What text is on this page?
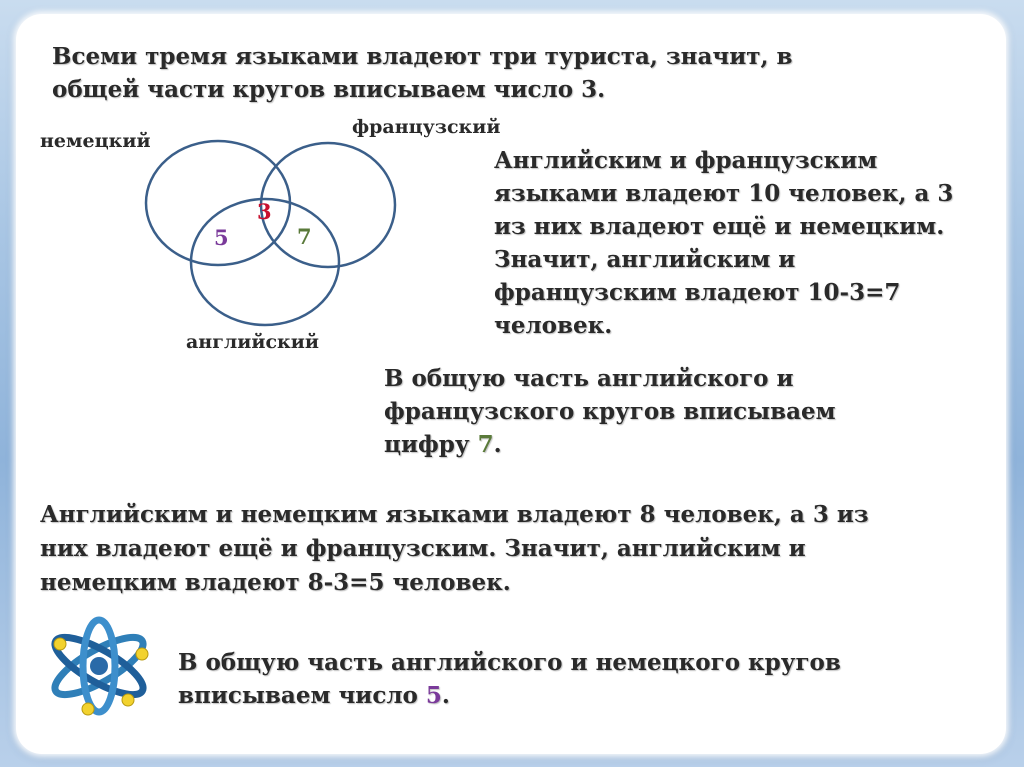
Всеми тремя языками владеют три туриста, значит, в

общей части кругов вписываем число 3.

немецкий
французский
английский
3
5	7

Английским и французским

языками владеют 10 человек, а 3

из них владеют ещё и немецким.

Значит, английским и

французским владеют 10-3=7

человек.

В общую часть английского и

французского кругов вписываем

цифру 7.

Английским и немецким языками владеют 8 человек, а 3 из

них владеют ещё и французским. Значит, английским и

немецким владеют 8-3=5 человек.

В общую часть английского и немецкого кругов

вписываем число 5.
